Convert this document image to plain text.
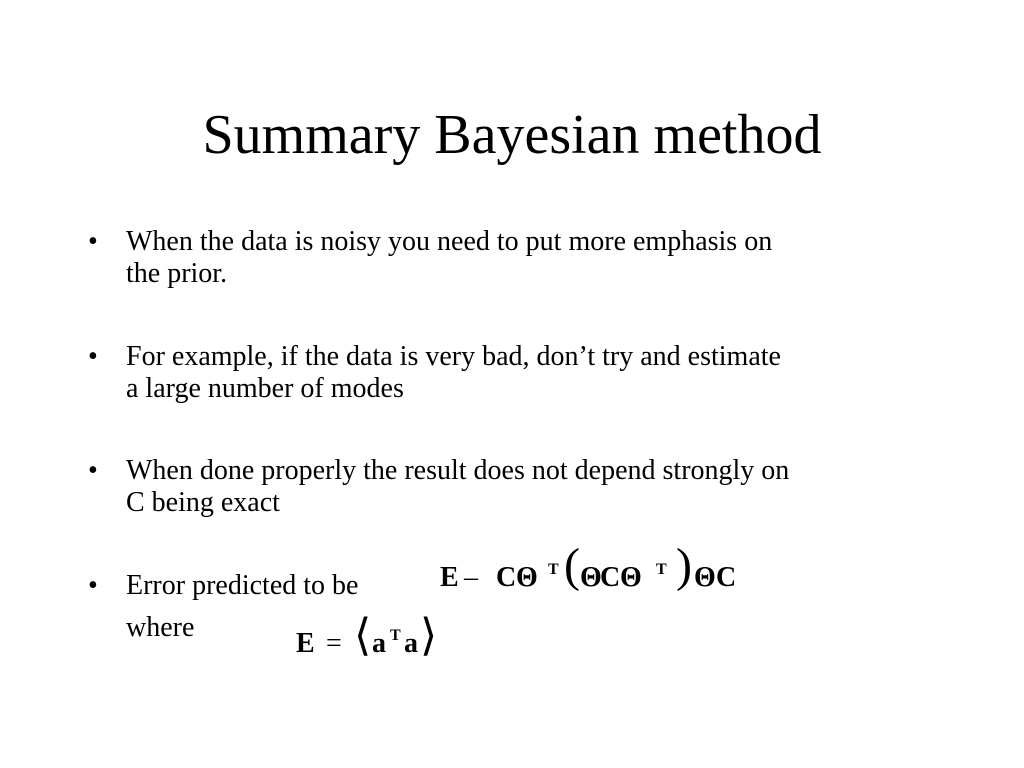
Summary Bayesian method
•	When the data is noisy you need to put more emphasis on
the prior.
•	For example, if the data is very bad, don’t try and estimate
a large number of modes
•	When done properly the result does not depend strongly on
C being exact
•	Error predicted to be
where
E – C Θ T ( Θ
C Θ T ) Θ C
E = ⟨ a T a ⟩
